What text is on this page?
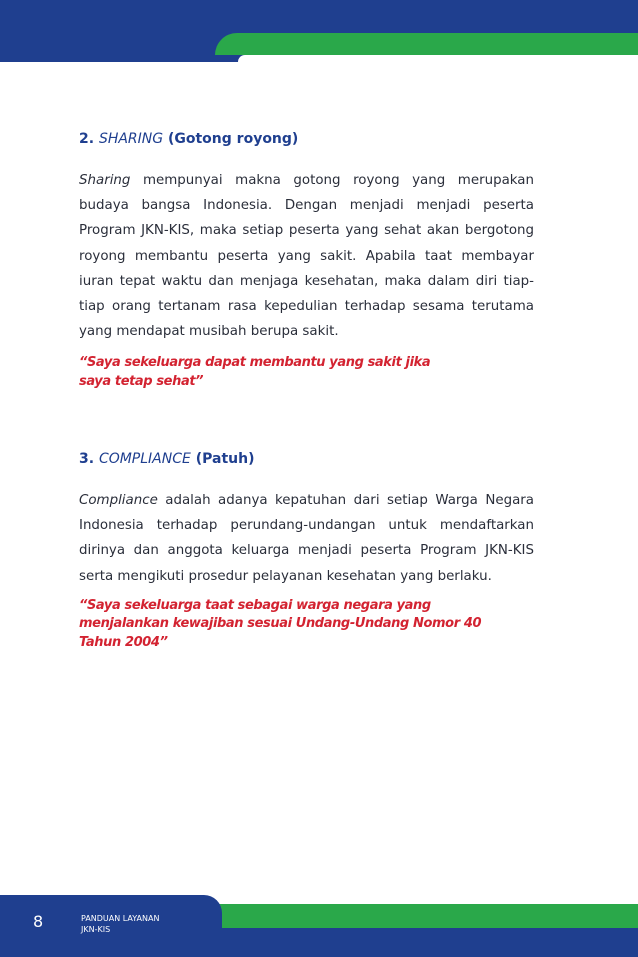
2. SHARING (Gotong royong)

Sharing mempunyai makna gotong royong yang merupakan budaya bangsa Indonesia. Dengan menjadi menjadi peserta Program JKN-KIS, maka setiap peserta yang sehat akan bergotong royong membantu peserta yang sakit. Apabila taat membayar iuran tepat waktu dan menjaga kesehatan, maka dalam diri tiap-tiap orang tertanam rasa kepedulian terhadap sesama terutama yang mendapat musibah berupa sakit.

“Saya sekeluarga dapat membantu yang sakit jika saya tetap sehat”

3. COMPLIANCE (Patuh)

Compliance adalah adanya kepatuhan dari setiap Warga Negara Indonesia terhadap perundang-undangan untuk mendaftarkan dirinya dan anggota keluarga menjadi peserta Program JKN-KIS serta mengikuti prosedur pelayanan kesehatan yang berlaku.

“Saya sekeluarga taat sebagai warga negara yang menjalankan kewajiban sesuai Undang-Undang Nomor 40 Tahun 2004”

8	PANDUAN LAYANAN
JKN-KIS
